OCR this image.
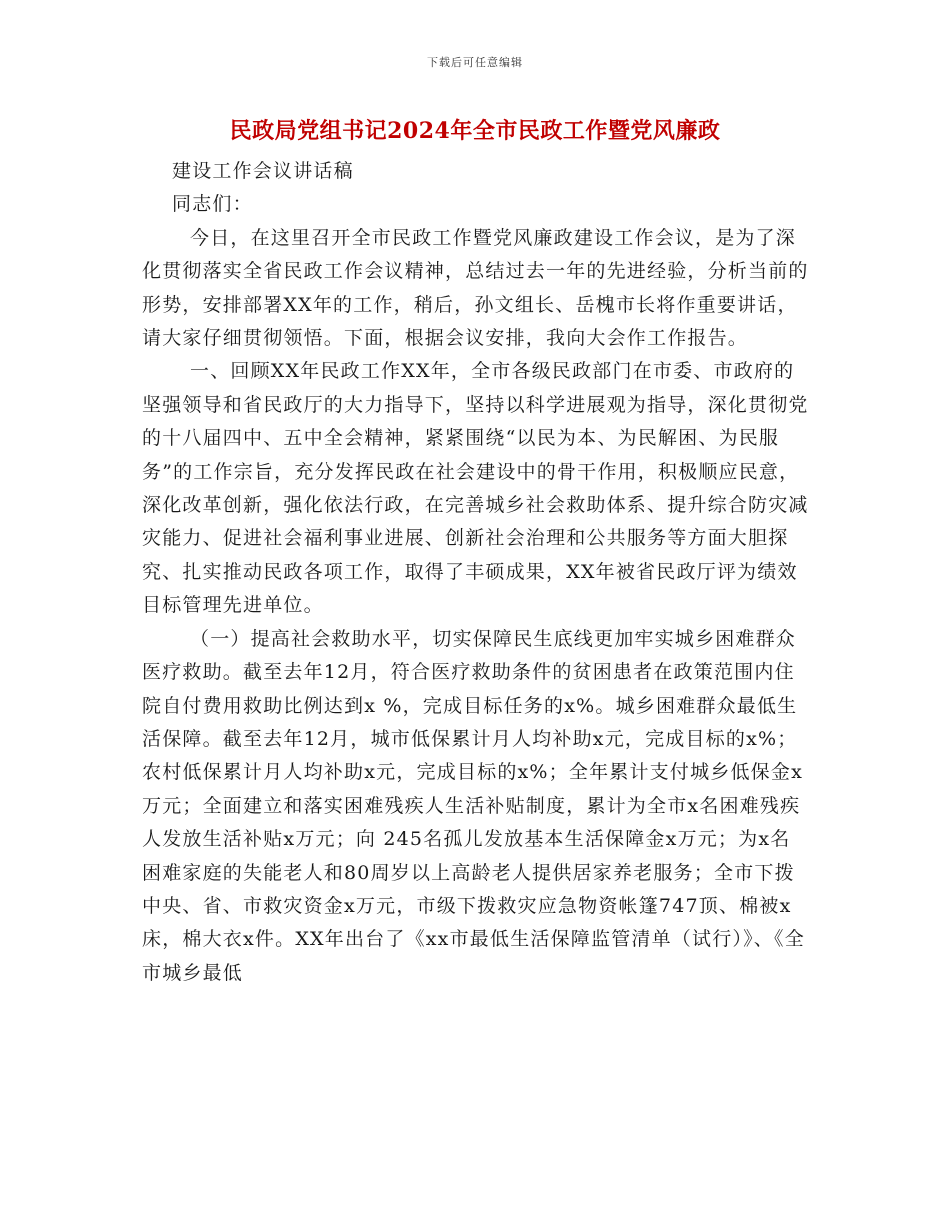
下载后可任意编辑
民政局党组书记2024年全市民政工作暨党风廉政

建设工作会议讲话稿

同志们：

今日，在这里召开全市民政工作暨党风廉政建设工作会议，是为了深化贯彻落实全省民政工作会议精神，总结过去一年的先进经验，分析当前的形势，安排部署XX年的工作，稍后，孙文组长、岳槐市长将作重要讲话，请大家仔细贯彻领悟。下面，根据会议安排，我向大会作工作报告。

一、回顾XX年民政工作XX年，全市各级民政部门在市委、市政府的坚强领导和省民政厅的大力指导下，坚持以科学进展观为指导，深化贯彻党的十八届四中、五中全会精神，紧紧围绕“以民为本、为民解困、为民服务”的工作宗旨，充分发挥民政在社会建设中的骨干作用，积极顺应民意，深化改革创新，强化依法行政，在完善城乡社会救助体系、提升综合防灾减灾能力、促进社会福利事业进展、创新社会治理和公共服务等方面大胆探究、扎实推动民政各项工作，取得了丰硕成果，XX年被省民政厅评为绩效目标管理先进单位。

（一）提高社会救助水平，切实保障民生底线更加牢实城乡困难群众医疗救助。截至去年12月，符合医疗救助条件的贫困患者在政策范围内住院自付费用救助比例达到x %，完成目标任务的x%。城乡困难群众最低生活保障。截至去年12月，城市低保累计月人均补助x元，完成目标的x%；农村低保累计月人均补助x元，完成目标的x%；全年累计支付城乡低保金x万元；全面建立和落实困难残疾人生活补贴制度，累计为全市x名困难残疾人发放生活补贴x万元；向 245名孤儿发放基本生活保障金x万元；为x名困难家庭的失能老人和80周岁以上高龄老人提供居家养老服务；全市下拨中央、省、市救灾资金x万元，市级下拨救灾应急物资帐篷747顶、棉被x床，棉大衣x件。XX年出台了《xx市最低生活保障监管清单（试行）》、《全市城乡最低
